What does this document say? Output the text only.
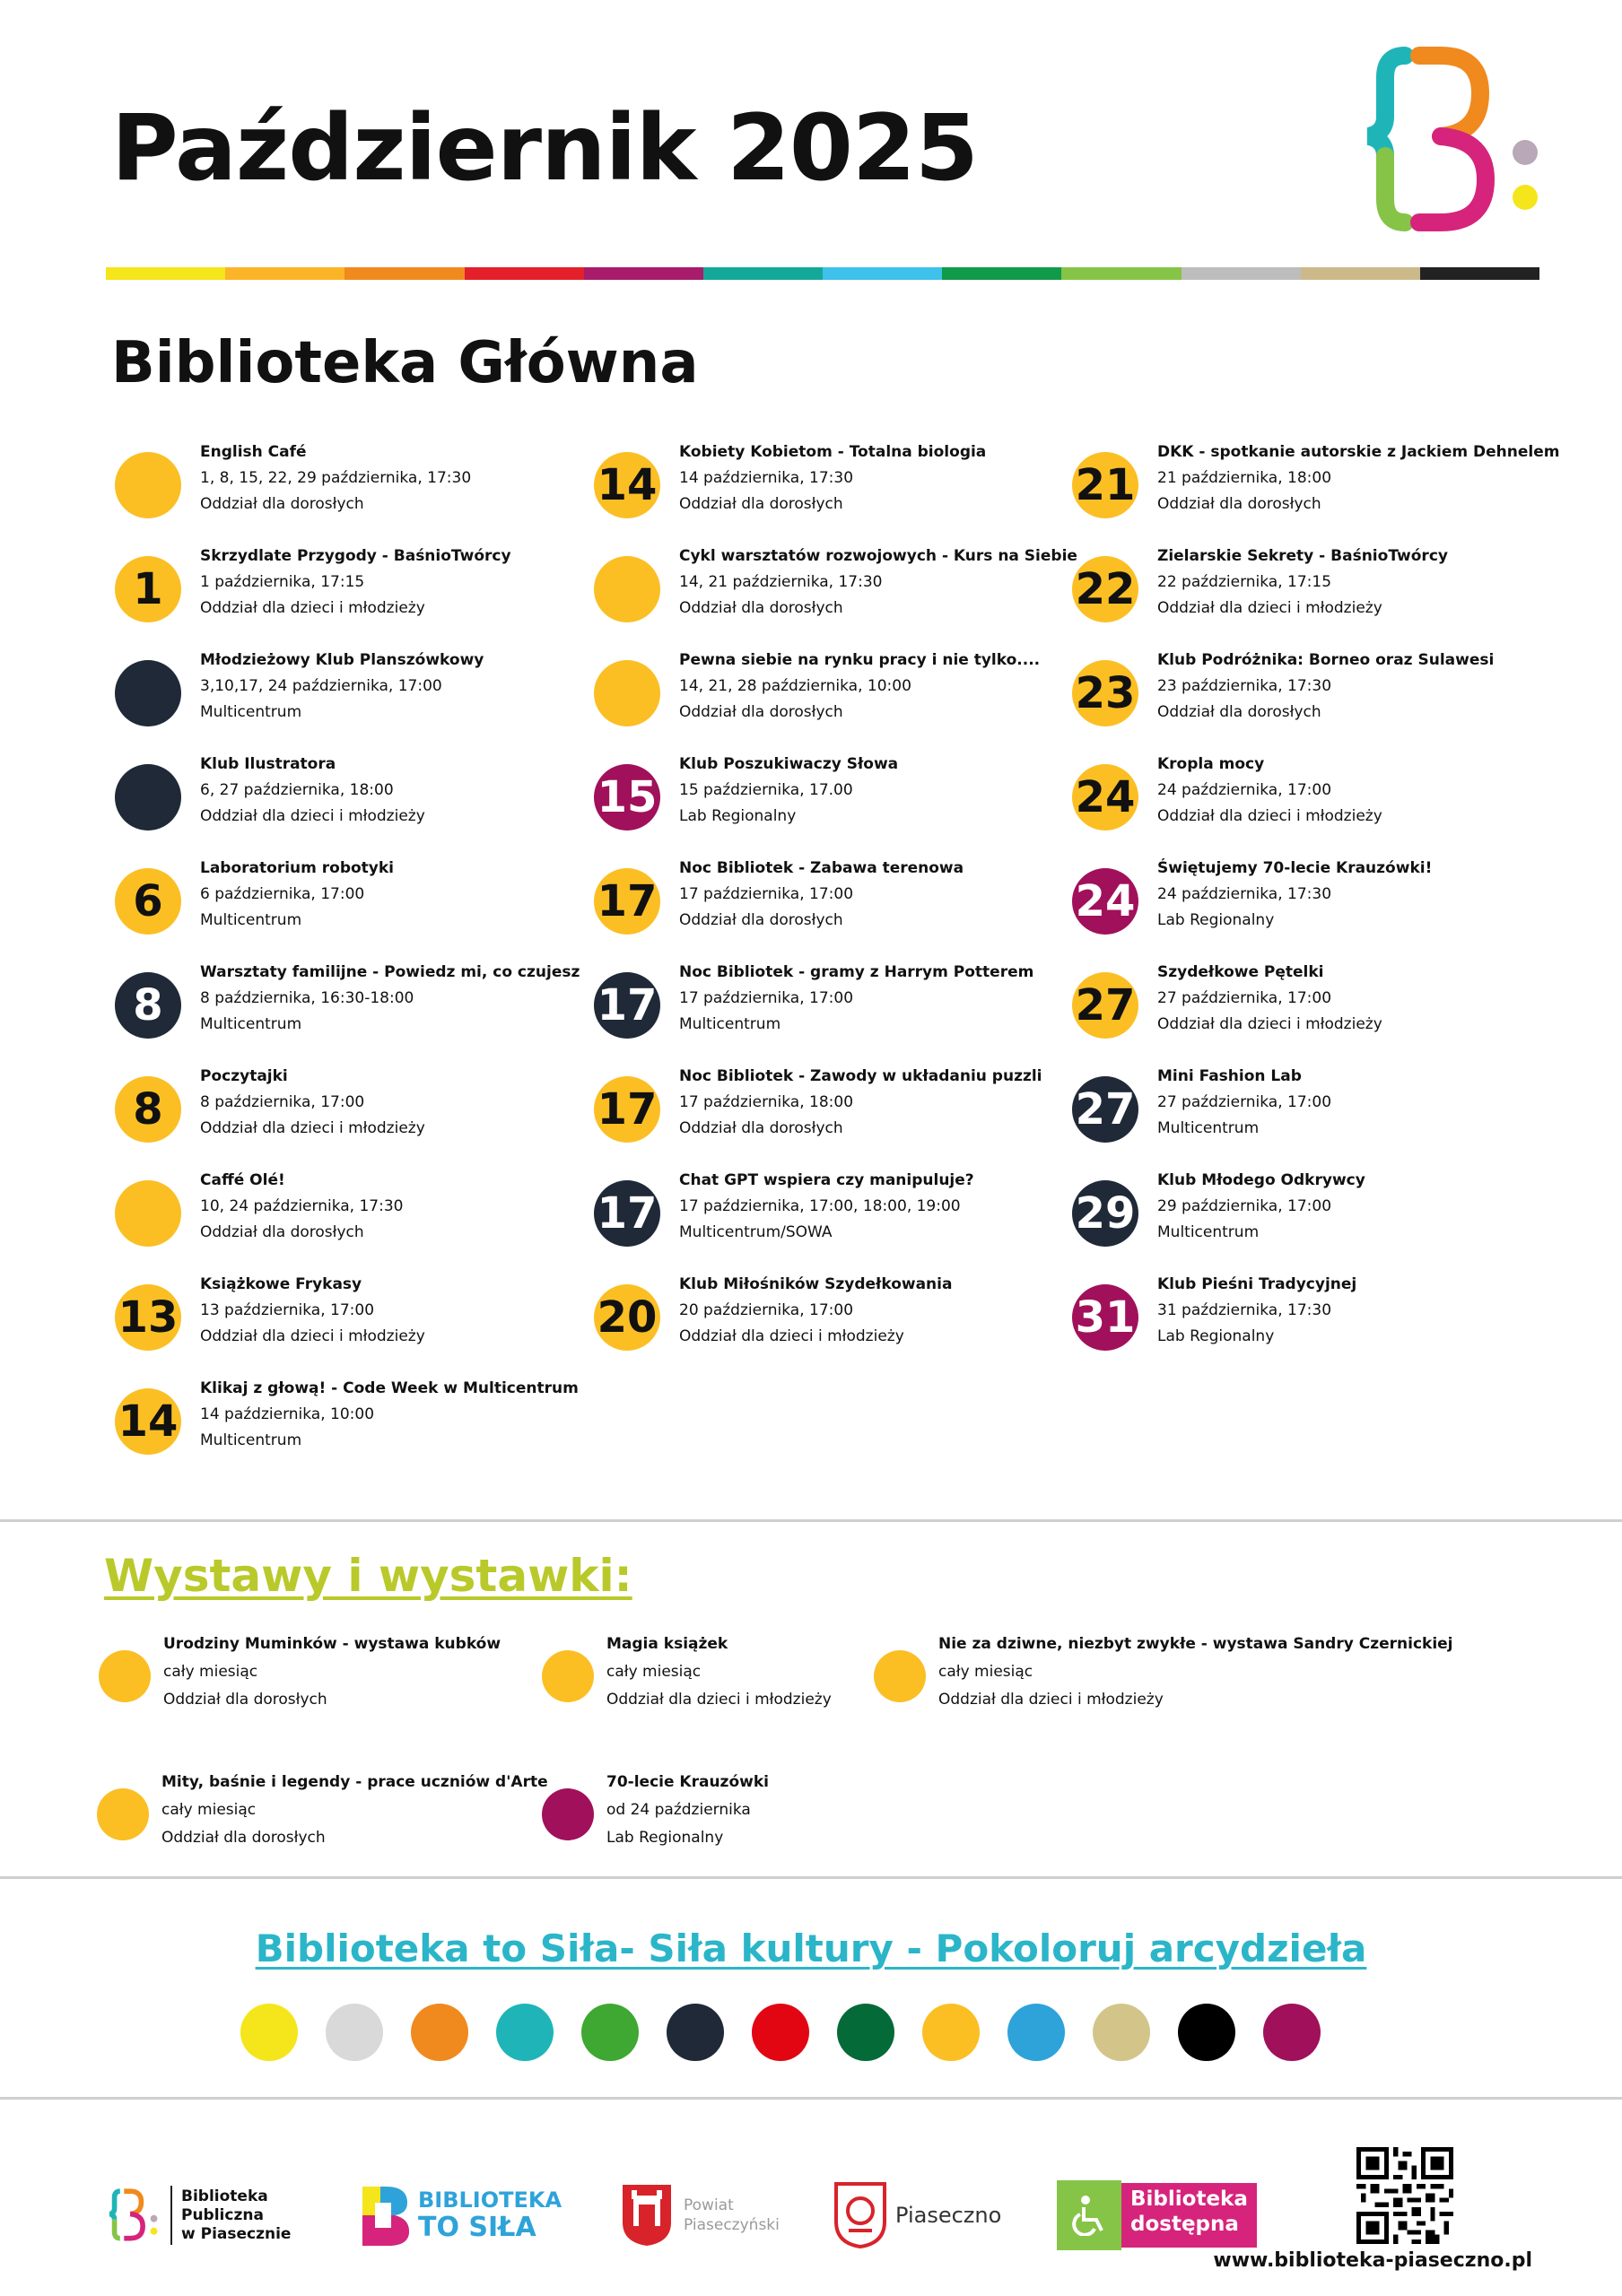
Październik 2025
Biblioteka Główna
English Café
1, 8, 15, 22, 29 października, 17:30
Oddział dla dorosłych
1
Skrzydlate Przygody - BaśnioTwórcy
1 października, 17:15
Oddział dla dzieci i młodzieży
Młodzieżowy Klub Planszówkowy
3,10,17, 24 października, 17:00
Multicentrum
Klub Ilustratora
6, 27 października, 18:00
Oddział dla dzieci i młodzieży
6
Laboratorium robotyki
6 października, 17:00
Multicentrum
8
Warsztaty familijne - Powiedz mi, co czujesz
8 października, 16:30-18:00
Multicentrum
8
Poczytajki
8 października, 17:00
Oddział dla dzieci i młodzieży
Caffé Olé!
10, 24 października, 17:30
Oddział dla dorosłych
13
Książkowe Frykasy
13 października, 17:00
Oddział dla dzieci i młodzieży
14
Klikaj z głową! - Code Week w Multicentrum
14 października, 10:00
Multicentrum
14
Kobiety Kobietom - Totalna biologia
14 października, 17:30
Oddział dla dorosłych
Cykl warsztatów rozwojowych - Kurs na Siebie
14, 21 października, 17:30
Oddział dla dorosłych
Pewna siebie na rynku pracy i nie tylko....
14, 21, 28 października, 10:00
Oddział dla dorosłych
15
Klub Poszukiwaczy Słowa
15 października, 17.00
Lab Regionalny
17
Noc Bibliotek - Zabawa terenowa
17 października, 17:00
Oddział dla dorosłych
17
Noc Bibliotek - gramy z Harrym Potterem
17 października, 17:00
Multicentrum
17
Noc Bibliotek - Zawody w układaniu puzzli
17 października, 18:00
Oddział dla dorosłych
17
Chat GPT wspiera czy manipuluje?
17 października, 17:00, 18:00, 19:00
Multicentrum/SOWA
20
Klub Miłośników Szydełkowania
20 października, 17:00
Oddział dla dzieci i młodzieży
21
DKK - spotkanie autorskie z Jackiem Dehnelem
21 października, 18:00
Oddział dla dorosłych
22
Zielarskie Sekrety - BaśnioTwórcy
22 października, 17:15
Oddział dla dzieci i młodzieży
23
Klub Podróżnika: Borneo oraz Sulawesi
23 października, 17:30
Oddział dla dorosłych
24
Kropla mocy
24 października, 17:00
Oddział dla dzieci i młodzieży
24
Świętujemy 70-lecie Krauzówki!
24 października, 17:30
Lab Regionalny
27
Szydełkowe Pętelki
27 października, 17:00
Oddział dla dzieci i młodzieży
27
Mini Fashion Lab
27 października, 17:00
Multicentrum
29
Klub Młodego Odkrywcy
29 października, 17:00
Multicentrum
31
Klub Pieśni Tradycyjnej
31 października, 17:30
Lab Regionalny
Wystawy i wystawki:
Urodziny Muminków - wystawa kubków
cały miesiąc
Oddział dla dorosłych
Magia książek
cały miesiąc
Oddział dla dzieci i młodzieży
Nie za dziwne, niezbyt zwykłe - wystawa Sandry Czernickiej
cały miesiąc
Oddział dla dzieci i młodzieży
Mity, baśnie i legendy - prace uczniów d'Arte
cały miesiąc
Oddział dla dorosłych
70-lecie Krauzówki
od 24 października
Lab Regionalny

Biblioteka to Siła- Siła kultury - Pokoloruj arcydzieła

Biblioteka
Publiczna
w Piasecznie
BIBLIOTEKA
TO SIŁA
Powiat
Piaseczyński	Piaseczno
Biblioteka
dostępna
www.biblioteka-piaseczno.pl
